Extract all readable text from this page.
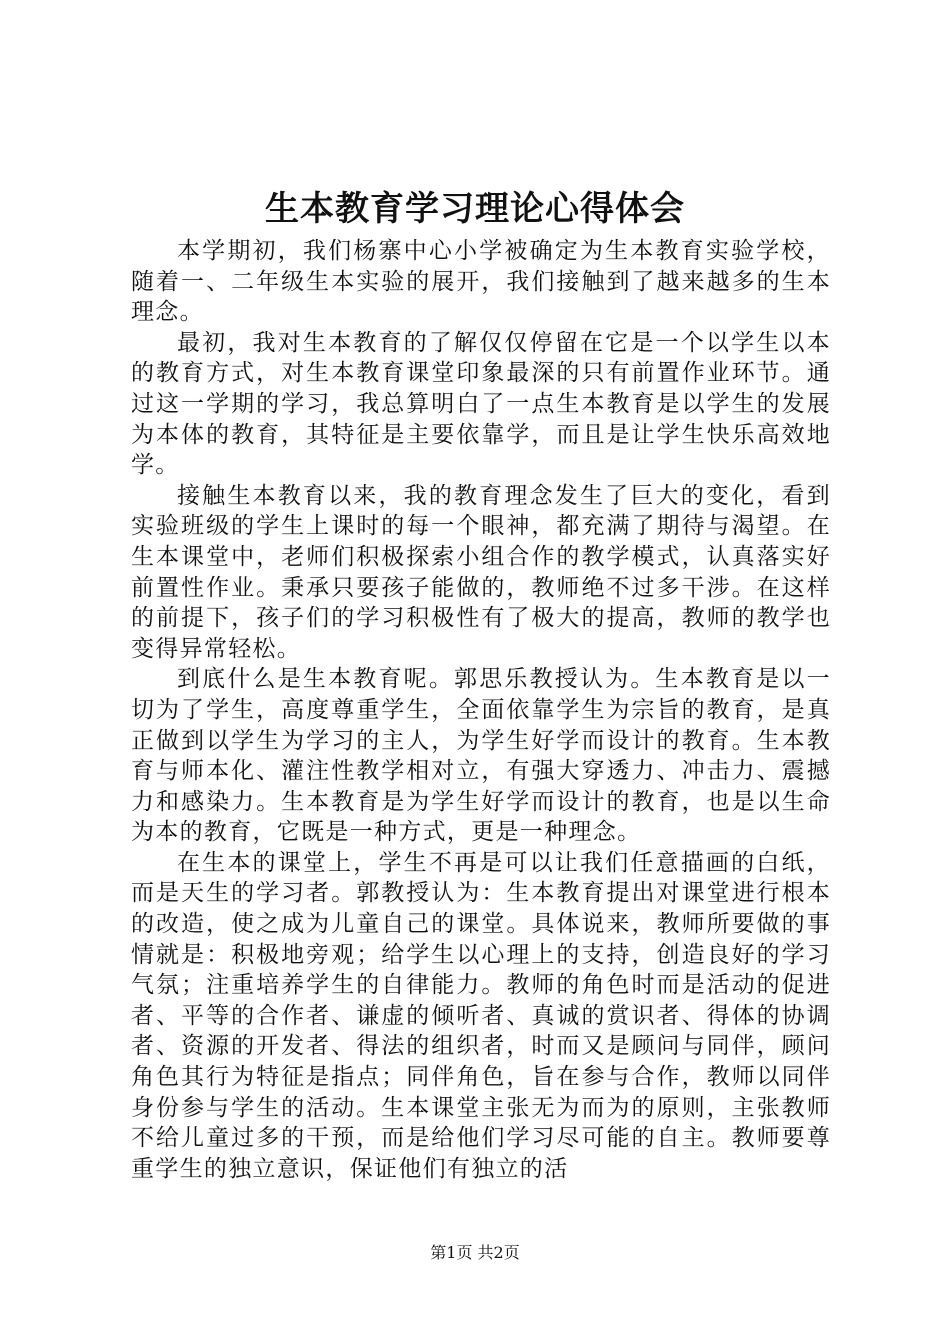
生本教育学习理论心得体会

本学期初，我们杨寨中心小学被确定为生本教育实验学校，随着一、二年级生本实验的展开，我们接触到了越来越多的生本理念。

最初，我对生本教育的了解仅仅停留在它是一个以学生以本的教育方式，对生本教育课堂印象最深的只有前置作业环节。通过这一学期的学习，我总算明白了一点生本教育是以学生的发展为本体的教育，其特征是主要依靠学，而且是让学生快乐高效地学。

接触生本教育以来，我的教育理念发生了巨大的变化，看到实验班级的学生上课时的每一个眼神，都充满了期待与渴望。在生本课堂中，老师们积极探索小组合作的教学模式，认真落实好前置性作业。秉承只要孩子能做的，教师绝不过多干涉。在这样的前提下，孩子们的学习积极性有了极大的提高，教师的教学也变得异常轻松。

到底什么是生本教育呢。郭思乐教授认为。生本教育是以一切为了学生，高度尊重学生，全面依靠学生为宗旨的教育，是真正做到以学生为学习的主人，为学生好学而设计的教育。生本教育与师本化、灌注性教学相对立，有强大穿透力、冲击力、震撼力和感染力。生本教育是为学生好学而设计的教育，也是以生命为本的教育，它既是一种方式，更是一种理念。

在生本的课堂上，学生不再是可以让我们任意描画的白纸，而是天生的学习者。郭教授认为：生本教育提出对课堂进行根本的改造，使之成为儿童自己的课堂。具体说来，教师所要做的事情就是：积极地旁观；给学生以心理上的支持，创造良好的学习气氛；注重培养学生的自律能力。教师的角色时而是活动的促进者、平等的合作者、谦虚的倾听者、真诚的赏识者、得体的协调者、资源的开发者、得法的组织者，时而又是顾问与同伴，顾问角色其行为特征是指点；同伴角色，旨在参与合作，教师以同伴身份参与学生的活动。生本课堂主张无为而为的原则，主张教师不给儿童过多的干预，而是给他们学习尽可能的自主。教师要尊重学生的独立意识，保证他们有独立的活

第1页 共2页
